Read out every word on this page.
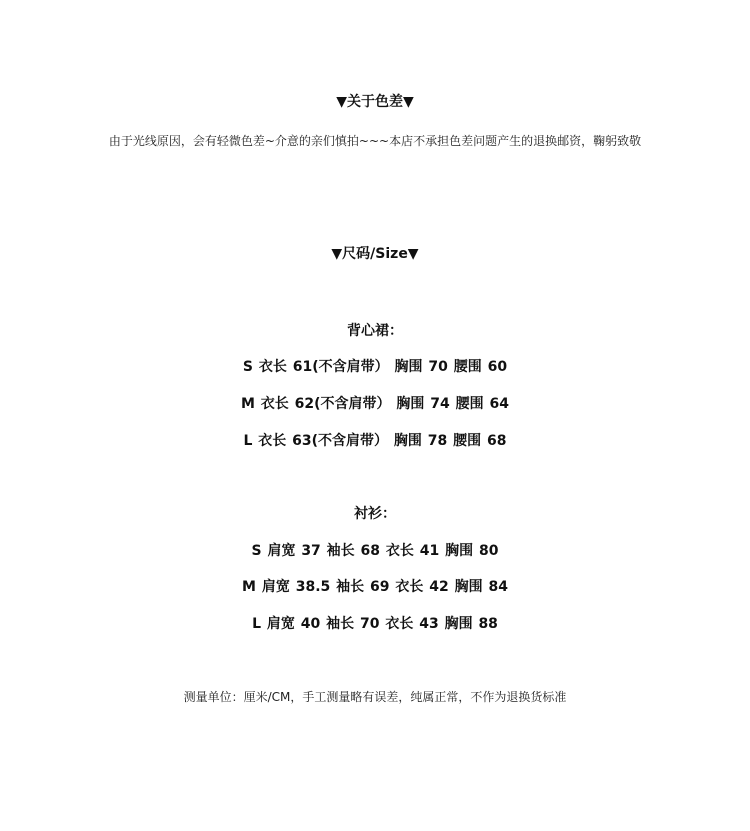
▼关于色差▼
由于光线原因，会有轻微色差~介意的亲们慎拍~~~本店不承担色差问题产生的退换邮资，鞠躬致敬
▼尺码/Size▼
背心裙：
S 衣长 61(不含肩带） 胸围 70 腰围 60
M 衣长 62(不含肩带） 胸围 74 腰围 64
L 衣长 63(不含肩带） 胸围 78 腰围 68
衬衫：
S 肩宽 37 袖长 68 衣长 41 胸围 80
M 肩宽 38.5 袖长 69 衣长 42 胸围 84
L 肩宽 40 袖长 70 衣长 43 胸围 88
测量单位：厘米/CM，手工测量略有误差，纯属正常，不作为退换货标准
